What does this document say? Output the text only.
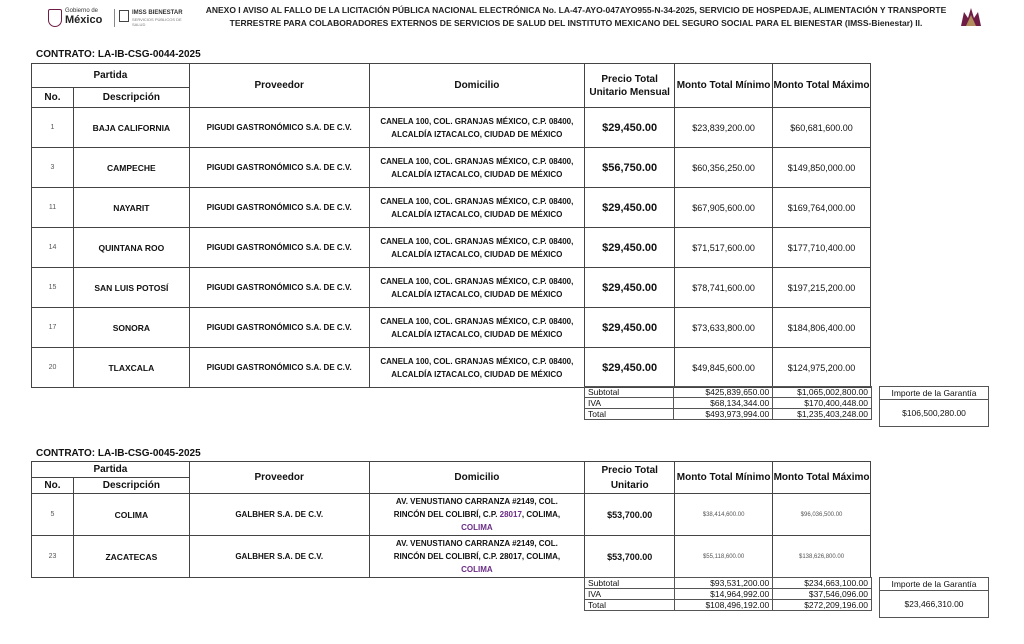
Gobierno de
México
IMSS BIENESTAR
SERVICIOS PÚBLICOS DE SALUD
ANEXO I AVISO AL FALLO DE LA LICITACIÓN PÚBLICA NACIONAL ELECTRÓNICA No. LA-47-AYO-047AYO955-N-34-2025, SERVICIO DE HOSPEDAJE, ALIMENTACIÓN Y TRANSPORTE TERRESTRE PARA COLABORADORES EXTERNOS DE SERVICIOS DE SALUD DEL INSTITUTO MEXICANO DEL SEGURO SOCIAL PARA EL BIENESTAR (IMSS-Bienestar) II.
CONTRATO: LA-IB-CSG-0044-2025
Partida		Proveedor	Domicilio	Precio Total Unitario Mensual	Monto Total Mínimo	Monto Total Máximo
No.	Descripción					
1	BAJA CALIFORNIA	PIGUDI GASTRONÓMICO S.A. DE C.V.	CANELA 100, COL. GRANJAS MÉXICO, C.P. 08400,
ALCALDÍA IZTACALCO, CIUDAD DE MÉXICO	$29,450.00	$23,839,200.00	$60,681,600.00
3	CAMPECHE	PIGUDI GASTRONÓMICO S.A. DE C.V.	CANELA 100, COL. GRANJAS MÉXICO, C.P. 08400,
ALCALDÍA IZTACALCO, CIUDAD DE MÉXICO	$56,750.00	$60,356,250.00	$149,850,000.00
11	NAYARIT	PIGUDI GASTRONÓMICO S.A. DE C.V.	CANELA 100, COL. GRANJAS MÉXICO, C.P. 08400,
ALCALDÍA IZTACALCO, CIUDAD DE MÉXICO	$29,450.00	$67,905,600.00	$169,764,000.00
14	QUINTANA ROO	PIGUDI GASTRONÓMICO S.A. DE C.V.	CANELA 100, COL. GRANJAS MÉXICO, C.P. 08400,
ALCALDÍA IZTACALCO, CIUDAD DE MÉXICO	$29,450.00	$71,517,600.00	$177,710,400.00
15	SAN LUIS POTOSÍ	PIGUDI GASTRONÓMICO S.A. DE C.V.	CANELA 100, COL. GRANJAS MÉXICO, C.P. 08400,
ALCALDÍA IZTACALCO, CIUDAD DE MÉXICO	$29,450.00	$78,741,600.00	$197,215,200.00
17	SONORA	PIGUDI GASTRONÓMICO S.A. DE C.V.	CANELA 100, COL. GRANJAS MÉXICO, C.P. 08400,
ALCALDÍA IZTACALCO, CIUDAD DE MÉXICO	$29,450.00	$73,633,800.00	$184,806,400.00
20	TLAXCALA	PIGUDI GASTRONÓMICO S.A. DE C.V.	CANELA 100, COL. GRANJAS MÉXICO, C.P. 08400,
ALCALDÍA IZTACALCO, CIUDAD DE MÉXICO	$29,450.00	$49,845,600.00	$124,975,200.00
Subtotal	$425,839,650.00	$1,065,002,800.00
IVA	$68,134,344.00	$170,400,448.00
Total	$493,973,994.00	$1,235,403,248.00
Importe de la Garantía
$106,500,280.00
CONTRATO: LA-IB-CSG-0045-2025
Partida		Proveedor	Domicilio	Precio Total Unitario	Monto Total Mínimo	Monto Total Máximo
No.	Descripción					
5	COLIMA	GALBHER S.A. DE C.V.	AV. VENUSTIANO CARRANZA #2149, COL.
RINCÓN DEL COLIBRÍ, C.P. 28017, COLIMA,
COLIMA	$53,700.00	$38,414,600.00	$96,036,500.00
23	ZACATECAS	GALBHER S.A. DE C.V.	AV. VENUSTIANO CARRANZA #2149, COL.
RINCÓN DEL COLIBRÍ, C.P. 28017, COLIMA,
COLIMA	$53,700.00	$55,118,600.00	$138,626,800.00
Subtotal	$93,531,200.00	$234,663,100.00
IVA	$14,964,992.00	$37,546,096.00
Total	$108,496,192.00	$272,209,196.00
Importe de la Garantía
$23,466,310.00
